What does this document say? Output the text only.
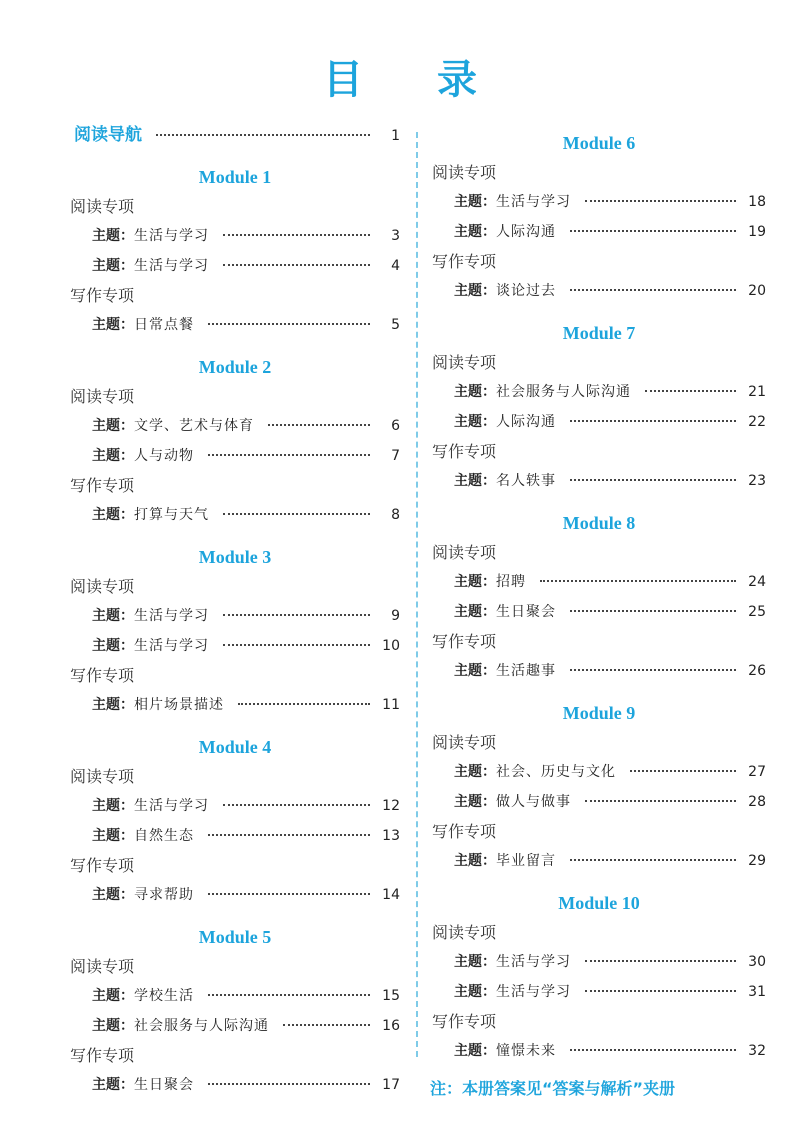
目 录
阅读导航	1
Module 1
阅读专项
主题 ： 生活与学习	3
主题 ： 生活与学习	4
写作专项
主题 ： 日常点餐	5
Module 2
阅读专项
主题 ： 文学、艺术与体育	6
主题 ： 人与动物	7
写作专项
主题 ： 打算与天气	8
Module 3
阅读专项
主题 ： 生活与学习	9
主题 ： 生活与学习	10
写作专项
主题 ： 相片场景描述	11
Module 4
阅读专项
主题 ： 生活与学习	12
主题 ： 自然生态	13
写作专项
主题 ： 寻求帮助	14
Module 5
阅读专项
主题 ： 学校生活	15
主题 ： 社会服务与人际沟通	16
写作专项
主题 ： 生日聚会	17
Module 6
阅读专项
主题 ： 生活与学习	18
主题 ： 人际沟通	19
写作专项
主题 ： 谈论过去	20
Module 7
阅读专项
主题 ： 社会服务与人际沟通	21
主题 ： 人际沟通	22
写作专项
主题 ： 名人轶事	23
Module 8
阅读专项
主题 ： 招聘	24
主题 ： 生日聚会	25
写作专项
主题 ： 生活趣事	26
Module 9
阅读专项
主题 ： 社会、历史与文化	27
主题 ： 做人与做事	28
写作专项
主题 ： 毕业留言	29
Module 10
阅读专项
主题 ： 生活与学习	30
主题 ： 生活与学习	31
写作专项
主题 ： 憧憬未来	32
注：本册答案见“答案与解析”夹册
